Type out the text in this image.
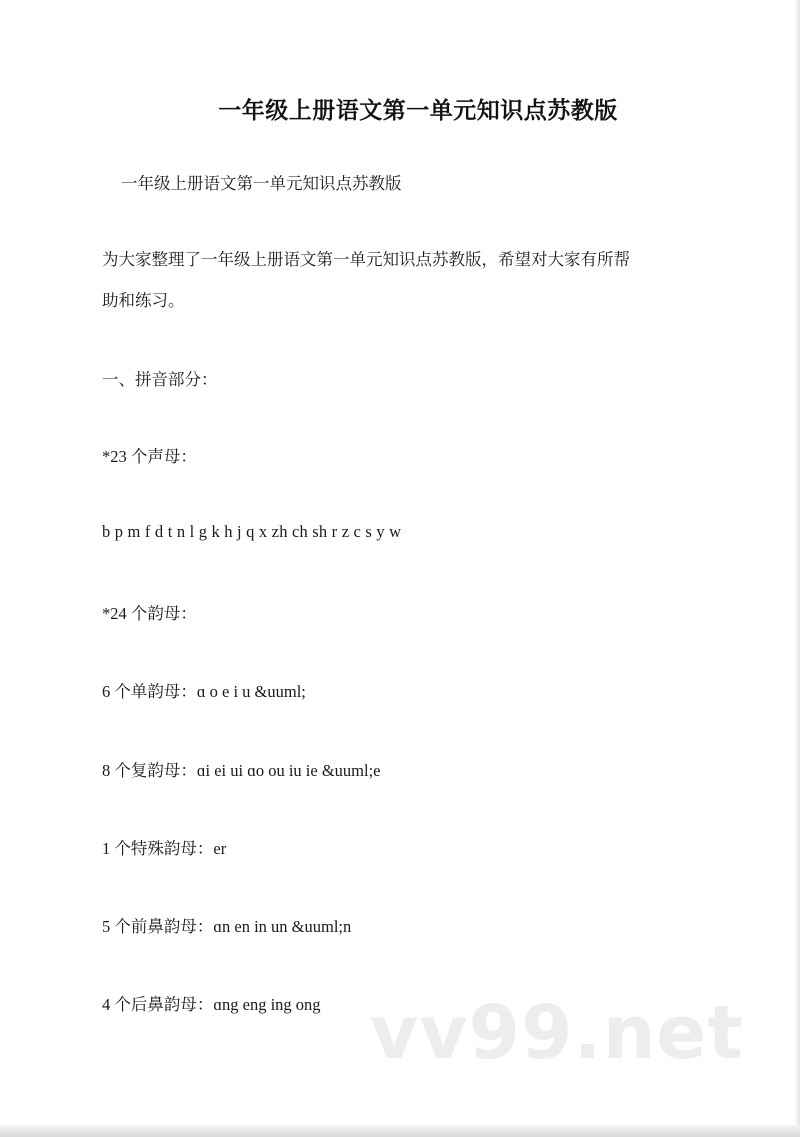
一年级上册语文第一单元知识点苏教版
一年级上册语文第一单元知识点苏教版
为大家整理了一年级上册语文第一单元知识点苏教版，希望对大家有所帮
助和练习。
一、拼音部分：
*23 个声母：
b p m f d t n l g k h j q x zh ch sh r z c s y w
*24 个韵母：
6 个单韵母：ɑ o e i u &uuml;
8 个复韵母：ɑi ei ui ɑo ou iu ie &uuml;e
1 个特殊韵母：er
5 个前鼻韵母：ɑn en in un &uuml;n
4 个后鼻韵母：ɑng eng ing ong vv99.net
